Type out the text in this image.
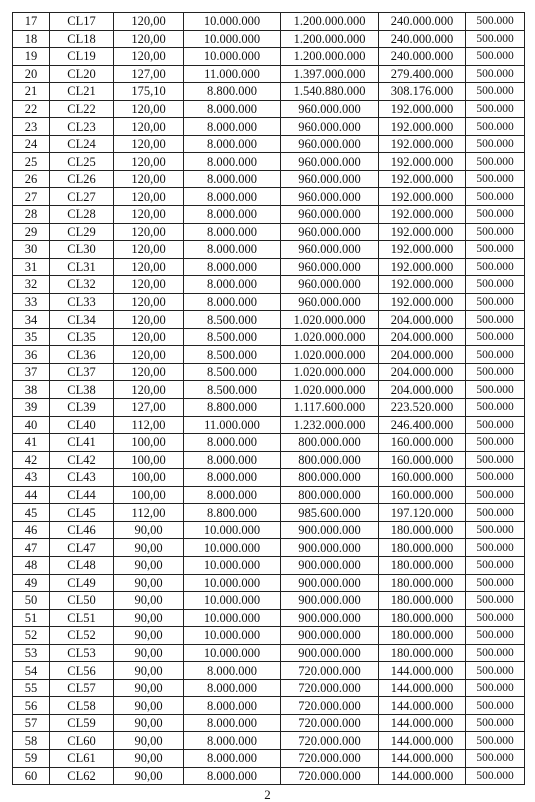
17	CL17	120,00	10.000.000	1.200.000.000	240.000.000	500.000
18	CL18	120,00	10.000.000	1.200.000.000	240.000.000	500.000
19	CL19	120,00	10.000.000	1.200.000.000	240.000.000	500.000
20	CL20	127,00	11.000.000	1.397.000.000	279.400.000	500.000
21	CL21	175,10	8.800.000	1.540.880.000	308.176.000	500.000
22	CL22	120,00	8.000.000	960.000.000	192.000.000	500.000
23	CL23	120,00	8.000.000	960.000.000	192.000.000	500.000
24	CL24	120,00	8.000.000	960.000.000	192.000.000	500.000
25	CL25	120,00	8.000.000	960.000.000	192.000.000	500.000
26	CL26	120,00	8.000.000	960.000.000	192.000.000	500.000
27	CL27	120,00	8.000.000	960.000.000	192.000.000	500.000
28	CL28	120,00	8.000.000	960.000.000	192.000.000	500.000
29	CL29	120,00	8.000.000	960.000.000	192.000.000	500.000
30	CL30	120,00	8.000.000	960.000.000	192.000.000	500.000
31	CL31	120,00	8.000.000	960.000.000	192.000.000	500.000
32	CL32	120,00	8.000.000	960.000.000	192.000.000	500.000
33	CL33	120,00	8.000.000	960.000.000	192.000.000	500.000
34	CL34	120,00	8.500.000	1.020.000.000	204.000.000	500.000
35	CL35	120,00	8.500.000	1.020.000.000	204.000.000	500.000
36	CL36	120,00	8.500.000	1.020.000.000	204.000.000	500.000
37	CL37	120,00	8.500.000	1.020.000.000	204.000.000	500.000
38	CL38	120,00	8.500.000	1.020.000.000	204.000.000	500.000
39	CL39	127,00	8.800.000	1.117.600.000	223.520.000	500.000
40	CL40	112,00	11.000.000	1.232.000.000	246.400.000	500.000
41	CL41	100,00	8.000.000	800.000.000	160.000.000	500.000
42	CL42	100,00	8.000.000	800.000.000	160.000.000	500.000
43	CL43	100,00	8.000.000	800.000.000	160.000.000	500.000
44	CL44	100,00	8.000.000	800.000.000	160.000.000	500.000
45	CL45	112,00	8.800.000	985.600.000	197.120.000	500.000
46	CL46	90,00	10.000.000	900.000.000	180.000.000	500.000
47	CL47	90,00	10.000.000	900.000.000	180.000.000	500.000
48	CL48	90,00	10.000.000	900.000.000	180.000.000	500.000
49	CL49	90,00	10.000.000	900.000.000	180.000.000	500.000
50	CL50	90,00	10.000.000	900.000.000	180.000.000	500.000
51	CL51	90,00	10.000.000	900.000.000	180.000.000	500.000
52	CL52	90,00	10.000.000	900.000.000	180.000.000	500.000
53	CL53	90,00	10.000.000	900.000.000	180.000.000	500.000
54	CL56	90,00	8.000.000	720.000.000	144.000.000	500.000
55	CL57	90,00	8.000.000	720.000.000	144.000.000	500.000
56	CL58	90,00	8.000.000	720.000.000	144.000.000	500.000
57	CL59	90,00	8.000.000	720.000.000	144.000.000	500.000
58	CL60	90,00	8.000.000	720.000.000	144.000.000	500.000
59	CL61	90,00	8.000.000	720.000.000	144.000.000	500.000
60	CL62	90,00	8.000.000	720.000.000	144.000.000	500.000
2
